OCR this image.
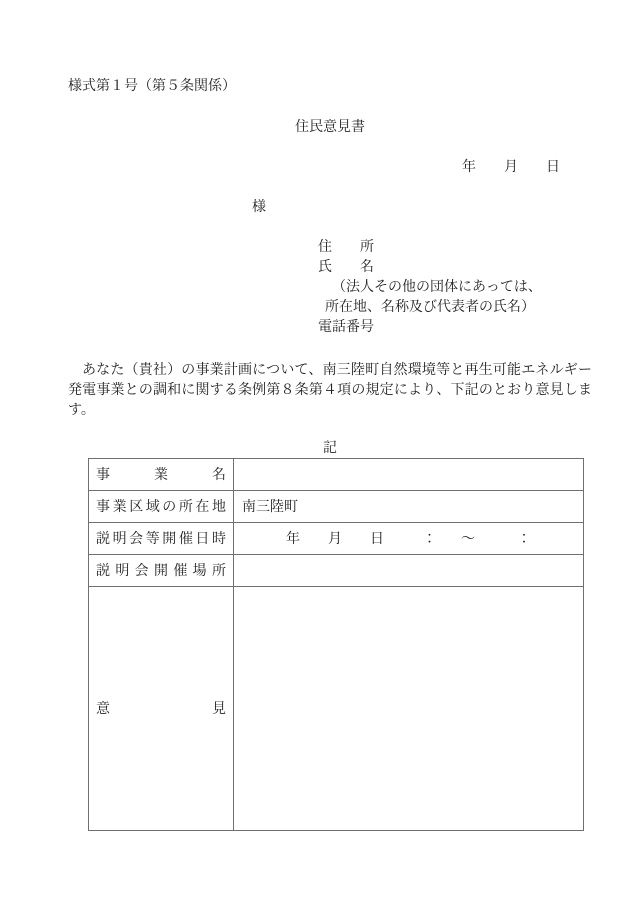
様式第１号（第５条関係）
住民意見書
年　　月　　日
様
住　　所
氏　　名
（法人その他の団体にあっては、
所在地、名称及び代表者の氏名）
電話番号

あなた（貴社）の事業計画について、南三陸町自然環境等と再生可能エネルギー発電事業との調和に関する条例第８条第４項の規定により、下記のとおり意見します。

記
事 業 名	

事 業 区 域 の 所 在 地	南三陸町

説 明 会 等 開 催 日 時	年　　月　　日　　　：　　〜　　　：

説 明 会 開 催 場 所

意 見	
